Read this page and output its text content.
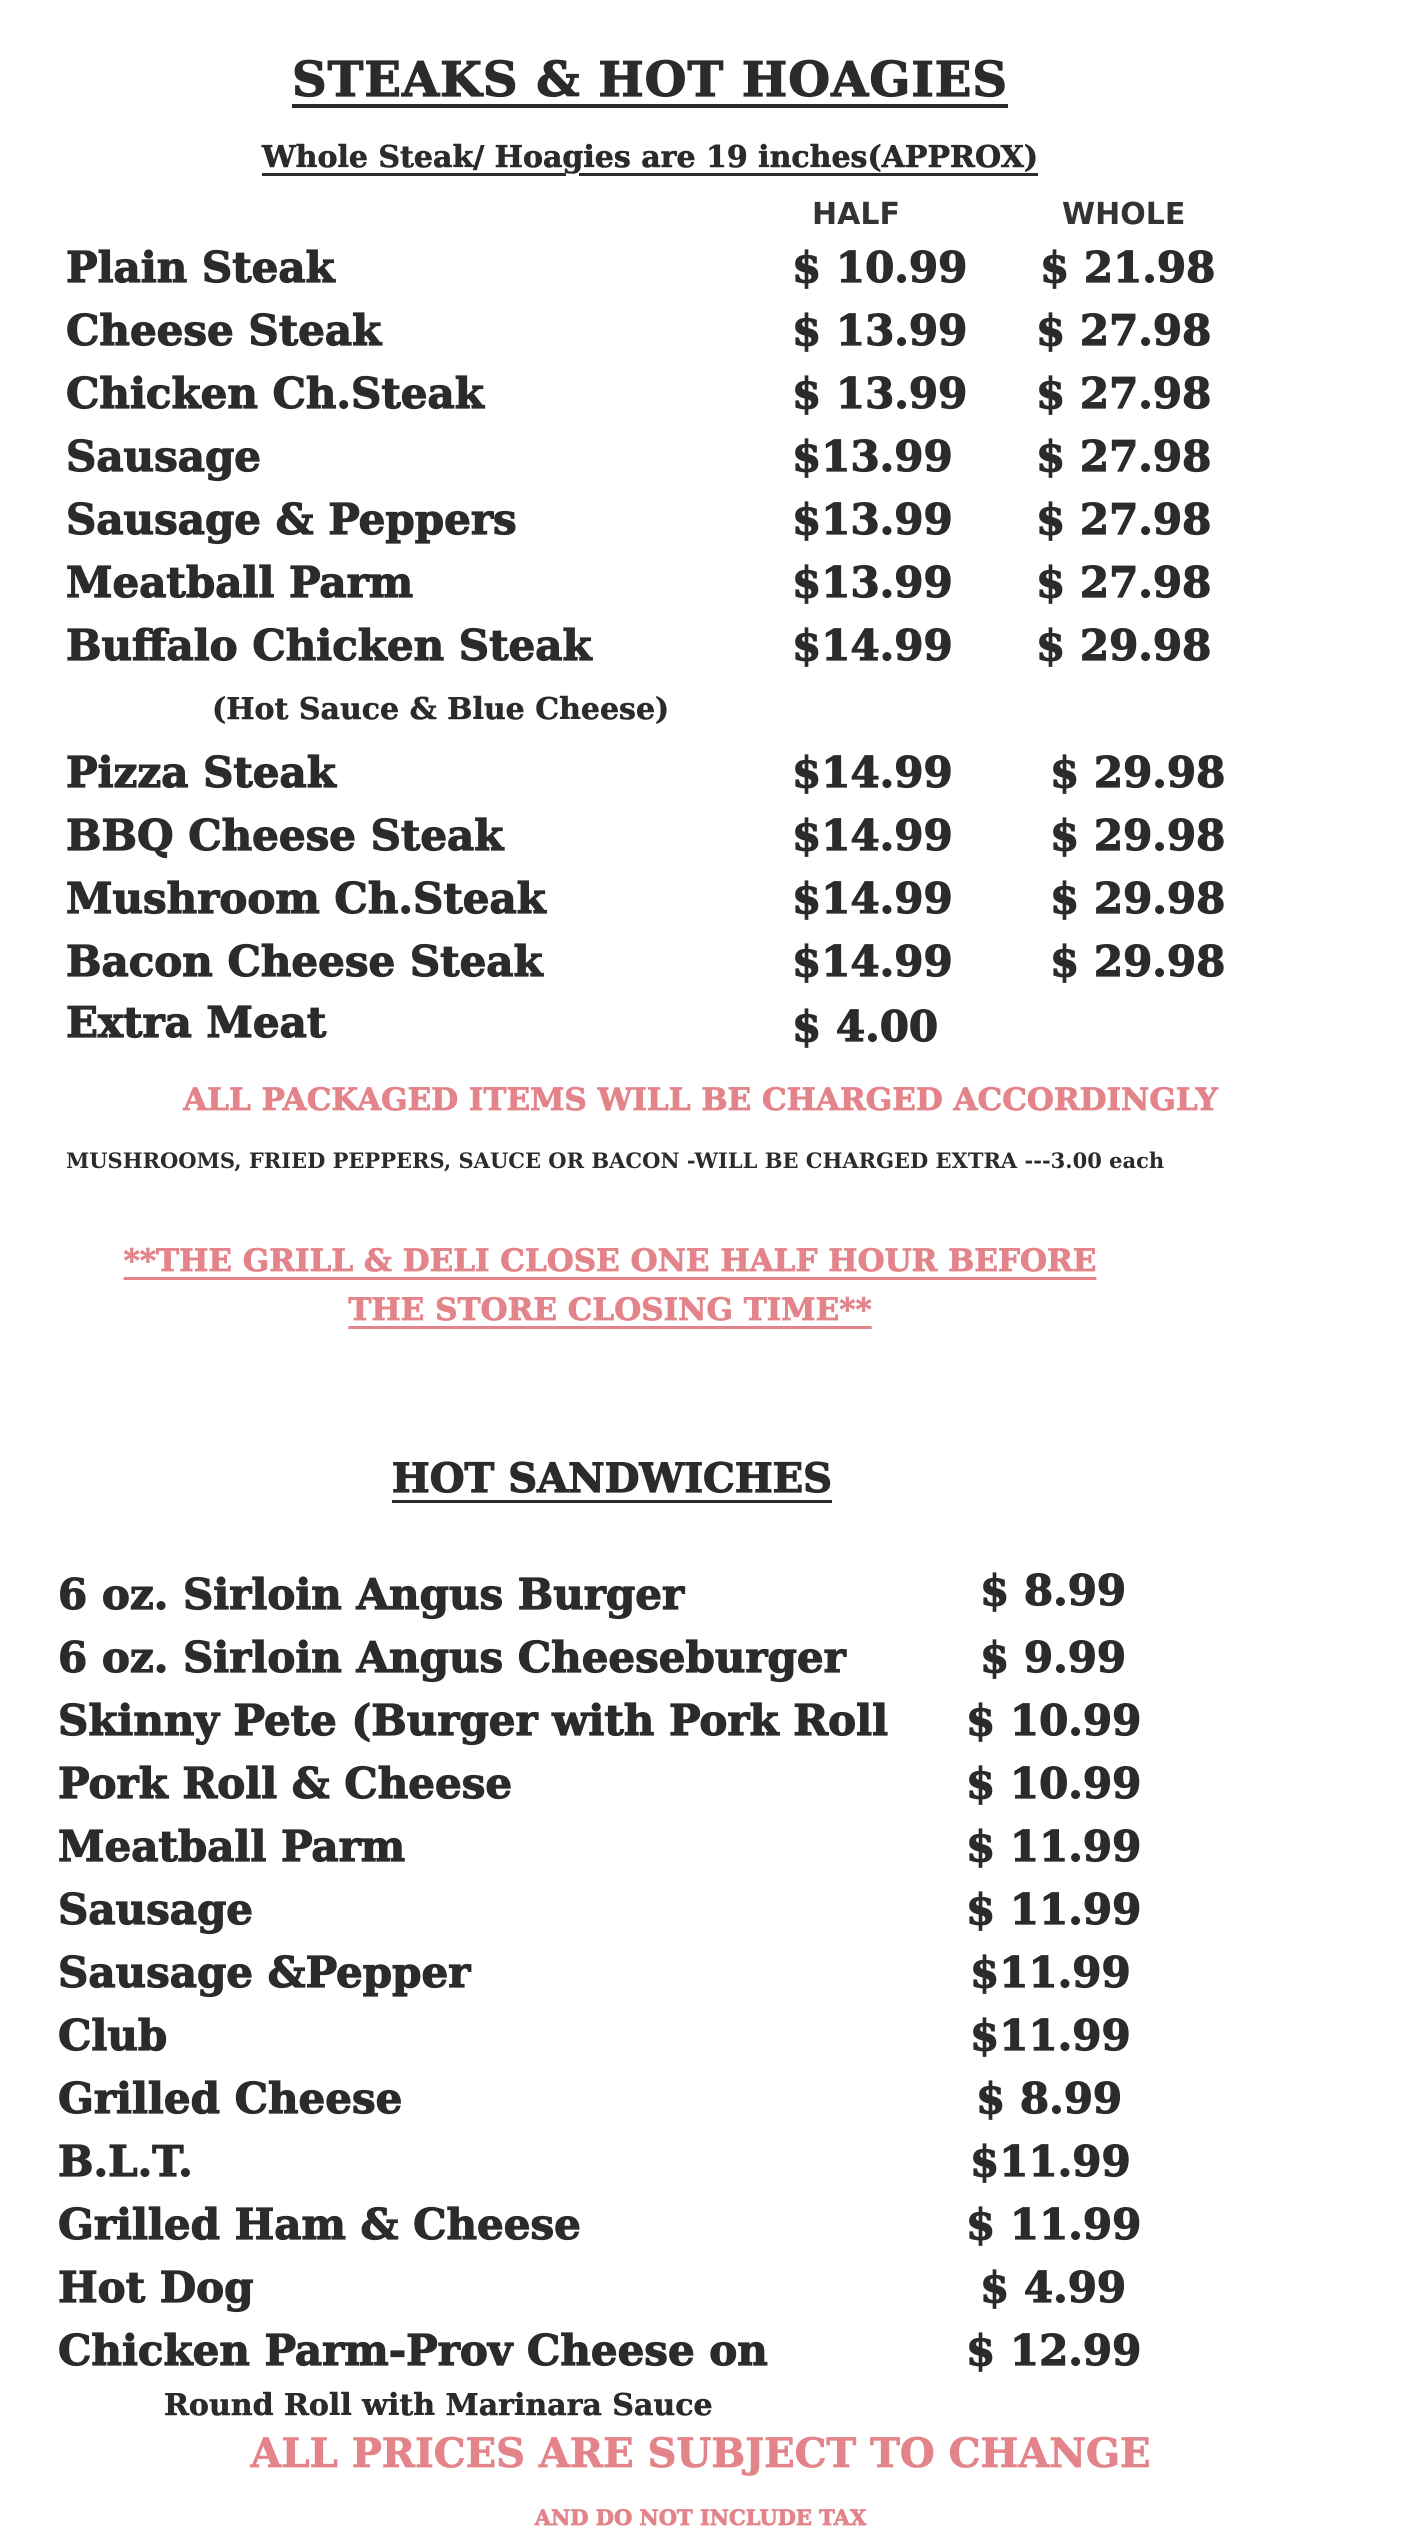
STEAKS & HOT HOAGIES
Whole Steak/ Hoagies are 19 inches(APPROX)
HALF	WHOLE
Plain Steak	$ 10.99 $ 21.98
Cheese Steak	$ 13.99 $ 27.98
Chicken Ch.Steak	$ 13.99 $ 27.98
Sausage	$13.99 $ 27.98
Sausage & Peppers	$13.99 $ 27.98
Meatball Parm	$13.99 $ 27.98
Buffalo Chicken Steak	$14.99 $ 29.98
(Hot Sauce & Blue Cheese)
Pizza Steak	$14.99 $ 29.98
BBQ Cheese Steak	$14.99 $ 29.98
Mushroom Ch.Steak	$14.99 $ 29.98
Bacon Cheese Steak	$14.99 $ 29.98
Extra Meat	$ 4.00
ALL PACKAGED ITEMS WILL BE CHARGED ACCORDINGLY
MUSHROOMS, FRIED PEPPERS, SAUCE OR BACON -WILL BE CHARGED EXTRA ---3.00 each
**THE GRILL & DELI CLOSE ONE HALF HOUR BEFORE
THE STORE CLOSING TIME**
HOT SANDWICHES
6 oz. Sirloin Angus Burger	$ 8.99
6 oz. Sirloin Angus Cheeseburger	$ 9.99
Skinny Pete (Burger with Pork Roll $ 10.99
Pork Roll & Cheese	$ 10.99
Meatball Parm	$ 11.99
Sausage	$ 11.99
Sausage &Pepper	$11.99
Club	$11.99
Grilled Cheese	$ 8.99
B.L.T.	$11.99
Grilled Ham & Cheese	$ 11.99
Hot Dog	$ 4.99
Chicken Parm-Prov Cheese on	$ 12.99
Round Roll with Marinara Sauce
ALL PRICES ARE SUBJECT TO CHANGE
AND DO NOT INCLUDE TAX
